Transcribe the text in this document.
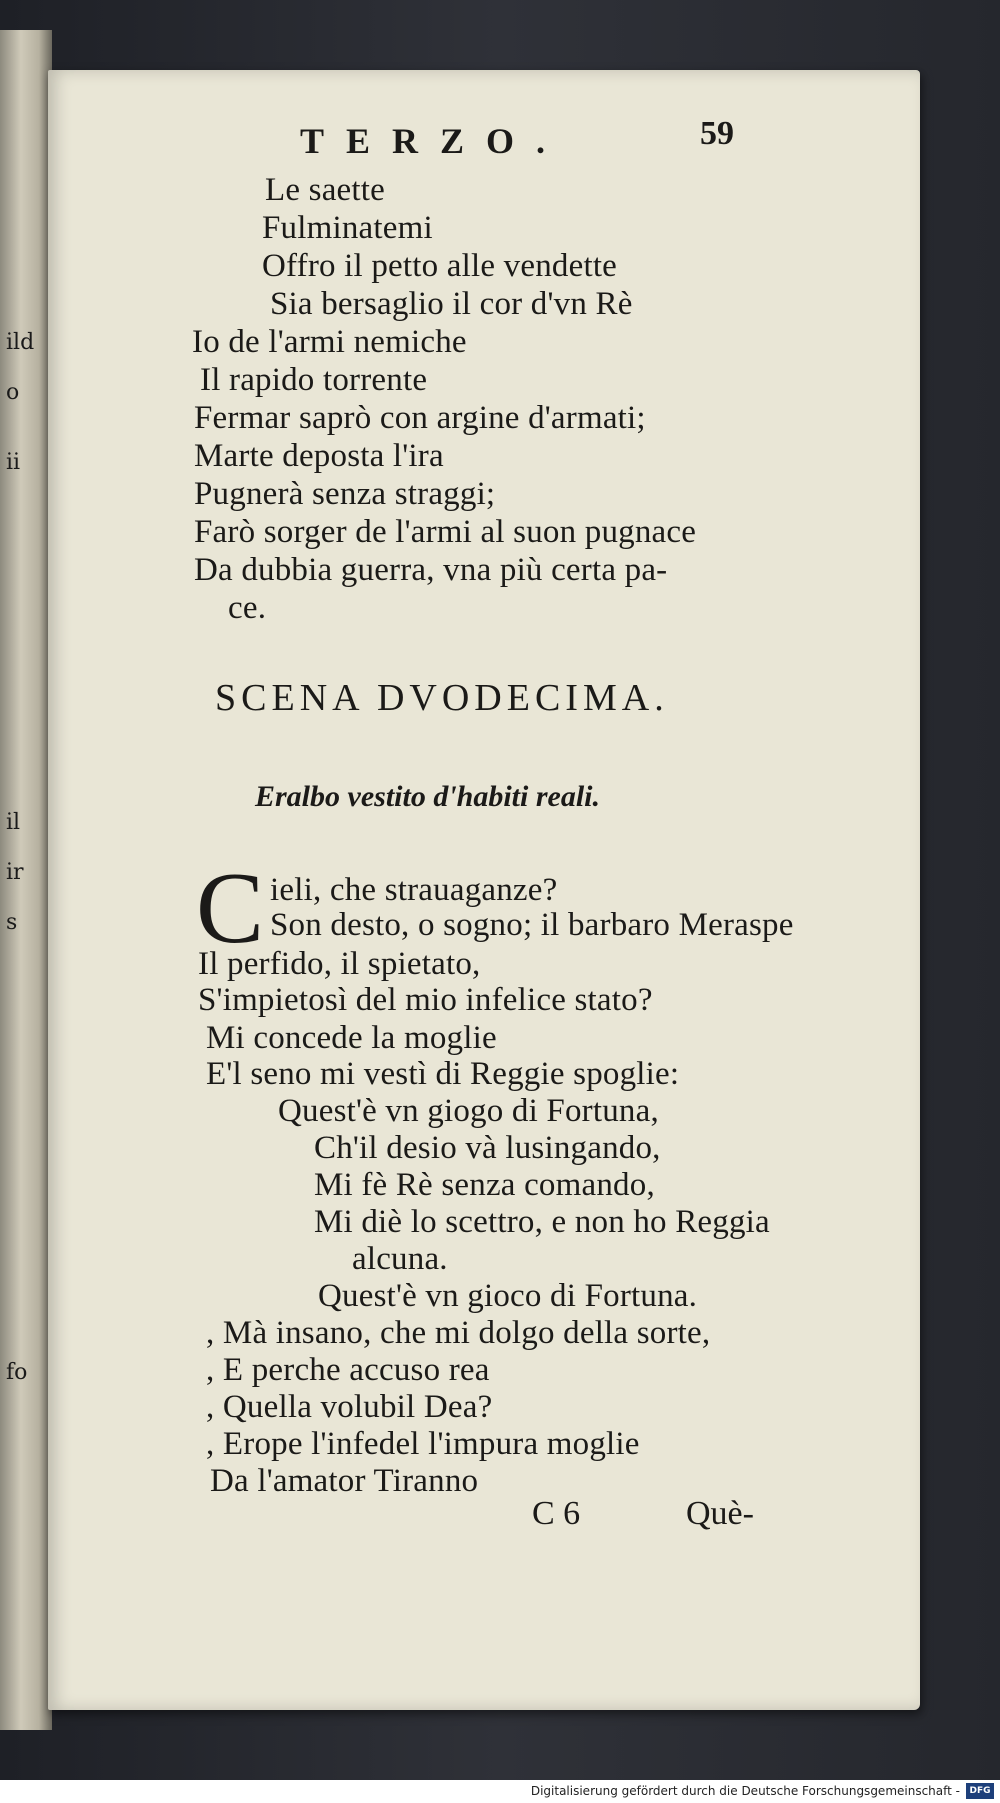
ild
o
ii
il
ir
s
fo
TERZO.	59
Le saette
Fulminatemi
Offro il petto alle vendette
Sia bersaglio il cor d'vn Rè
Io de l'armi nemiche
Il rapido torrente
Fermar saprò con argine d'armati;
Marte deposta l'ira
Pugnerà senza straggi;
Farò sorger de l'armi al suon pugnace
Da dubbia guerra, vna più certa pa-
ce.
SCENA DVODECIMA.
Eralbo vestito d'habiti reali.
C ieli, che strauaganze?
Son desto, o sogno; il barbaro Meraspe
Il perfido, il spietato,
S'impietosì del mio infelice stato?
Mi concede la moglie
E'l seno mi vestì di Reggie spoglie:
Quest'è vn giogo di Fortuna,
Ch'il desio và lusingando,
Mi fè Rè senza comando,
Mi diè lo scettro, e non ho Reggia
alcuna.
Quest'è vn gioco di Fortuna.
, Mà insano, che mi dolgo della sorte,
, E perche accuso rea
, Quella volubil Dea?
, Erope l'infedel l'impura moglie
Da l'amator Tiranno
C 6	Què-
Digitalisierung gefördert durch die Deutsche Forschungsgemeinschaft -	DFG
